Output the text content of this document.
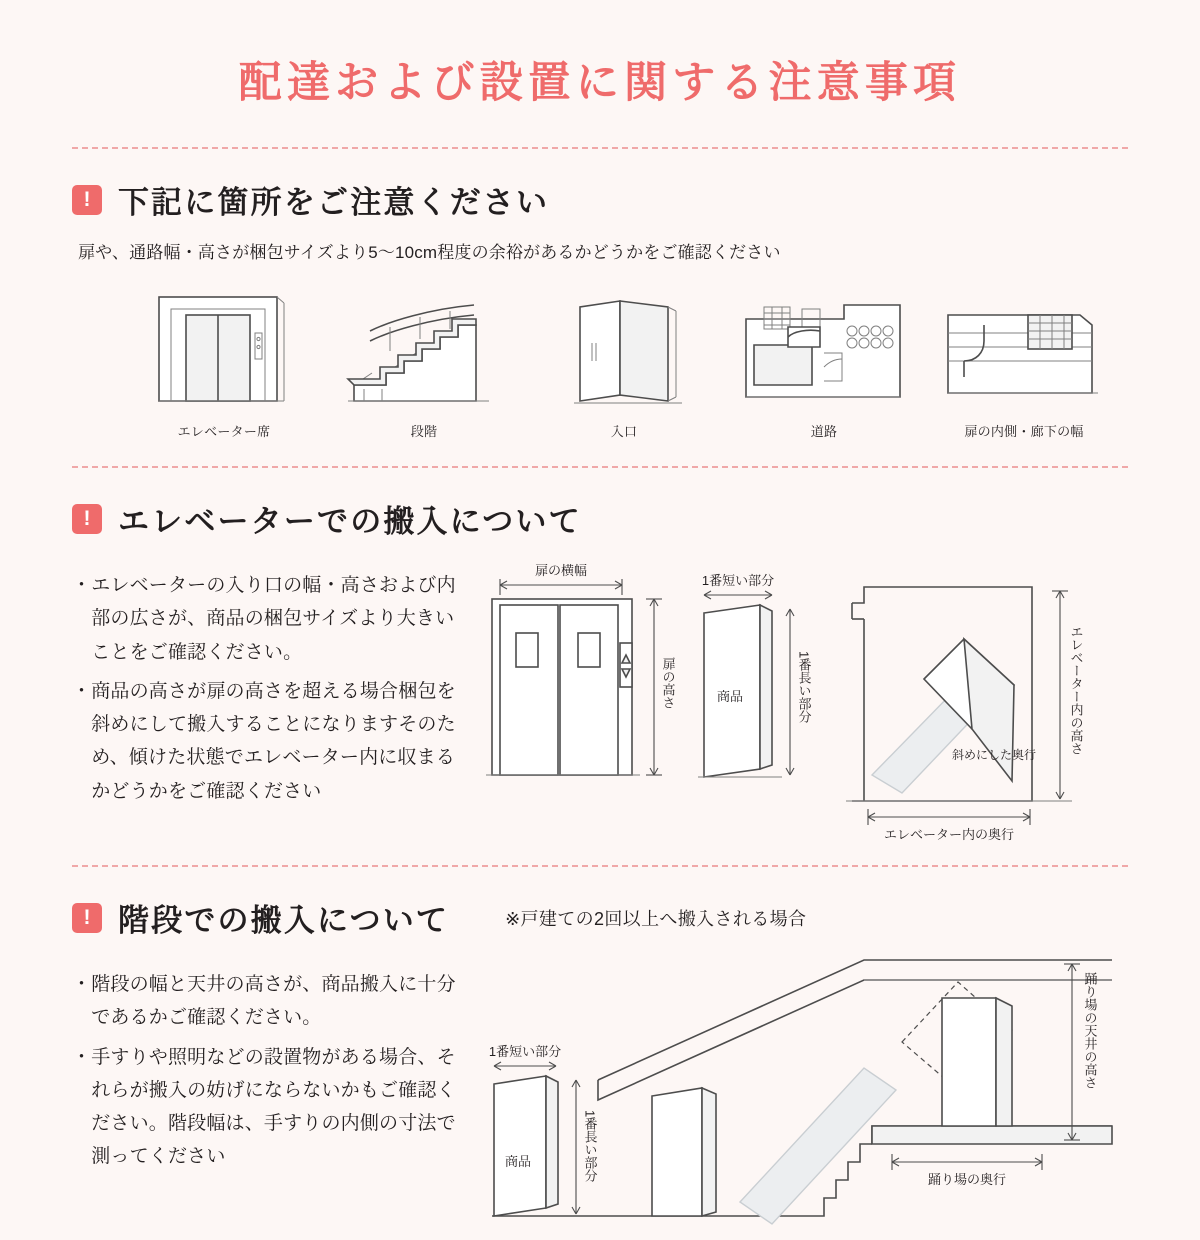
配達および設置に関する注意事項
! 下記に箇所をご注意ください
扉や、通路幅・高さが梱包サイズより5〜10cm程度の余裕があるかどうかをご確認ください
エレベーター席	段階	入口	道路	扉の内側・廊下の幅
! エレベーターでの搬入について
・ エレベーターの入り口の幅・高さおよび内部の広さが、商品の梱包サイズより大きいことをご確認ください。
・ 商品の高さが扉の高さを超える場合梱包を斜めにして搬入することになりますそのため、傾けた状態でエレベーター内に収まるかどうかをご確認ください
扉の横幅
扉の高さ
1番短い部分
商品	1番長い部分
斜めにした奥行 エレベーター内の高さ
エレベーター内の奥行
! 階段での搬入について	※戸建ての2回以上へ搬入される場合
・ 階段の幅と天井の高さが、商品搬入に十分であるかご確認ください。
・ 手すりや照明などの設置物がある場合、それらが搬入の妨げにならないかもご確認ください。階段幅は、手すりの内側の寸法で測ってください
1番短い部分
商品	1番長い部分
踊り場の天井の高さ
踊り場の奥行
